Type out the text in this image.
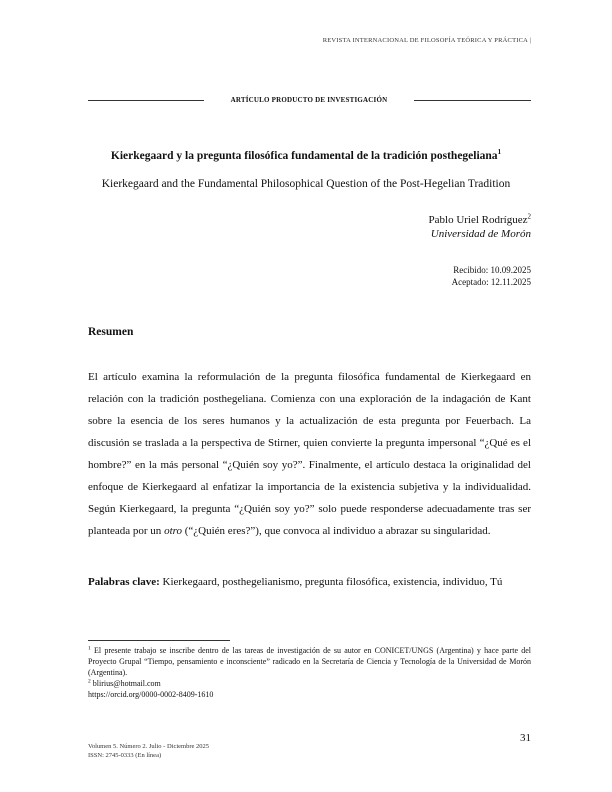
REVISTA INTERNACIONAL DE FILOSOFÍA TEÓRICA Y PRÁCTICA |
ARTÍCULO PRODUCTO DE INVESTIGACIÓN
Kierkegaard y la pregunta filosófica fundamental de la tradición posthegeliana$^1$
Kierkegaard and the Fundamental Philosophical Question of the Post-Hegelian Tradition
Pablo Uriel Rodríguez$^2$
Universidad de Morón
Recibido: 10.09.2025
Aceptado: 12.11.2025
Resumen
El artículo examina la reformulación de la pregunta filosófica fundamental de Kierkegaard en relación con la tradición posthegeliana. Comienza con una exploración de la indagación de Kant sobre la esencia de los seres humanos y la actualización de esta pregunta por Feuerbach. La discusión se traslada a la perspectiva de Stirner, quien convierte la pregunta impersonal “¿Qué es el hombre?” en la más personal “¿Quién soy yo?”. Finalmente, el artículo destaca la originalidad del enfoque de Kierkegaard al enfatizar la importancia de la existencia subjetiva y la individualidad. Según Kierkegaard, la pregunta “¿Quién soy yo?” solo puede responderse adecuadamente tras ser planteada por un otro (“¿Quién eres?”), que convoca al individuo a abrazar su singularidad.
Palabras clave: Kierkegaard, posthegelianismo, pregunta filosófica, existencia, individuo, Tú
$^1$ El presente trabajo se inscribe dentro de las tareas de investigación de su autor en CONICET/UNGS (Argentina) y hace parte del Proyecto Grupal “Tiempo, pensamiento e inconsciente” radicado en la Secretaría de Ciencia y Tecnología de la Universidad de Morón (Argentina).
$^2$ blirius@hotmail.com
https://orcid.org/0000-0002-8409-1610
31
Volumen 5. Número 2. Julio - Diciembre 2025
ISSN: 2745-0333 (En línea)
